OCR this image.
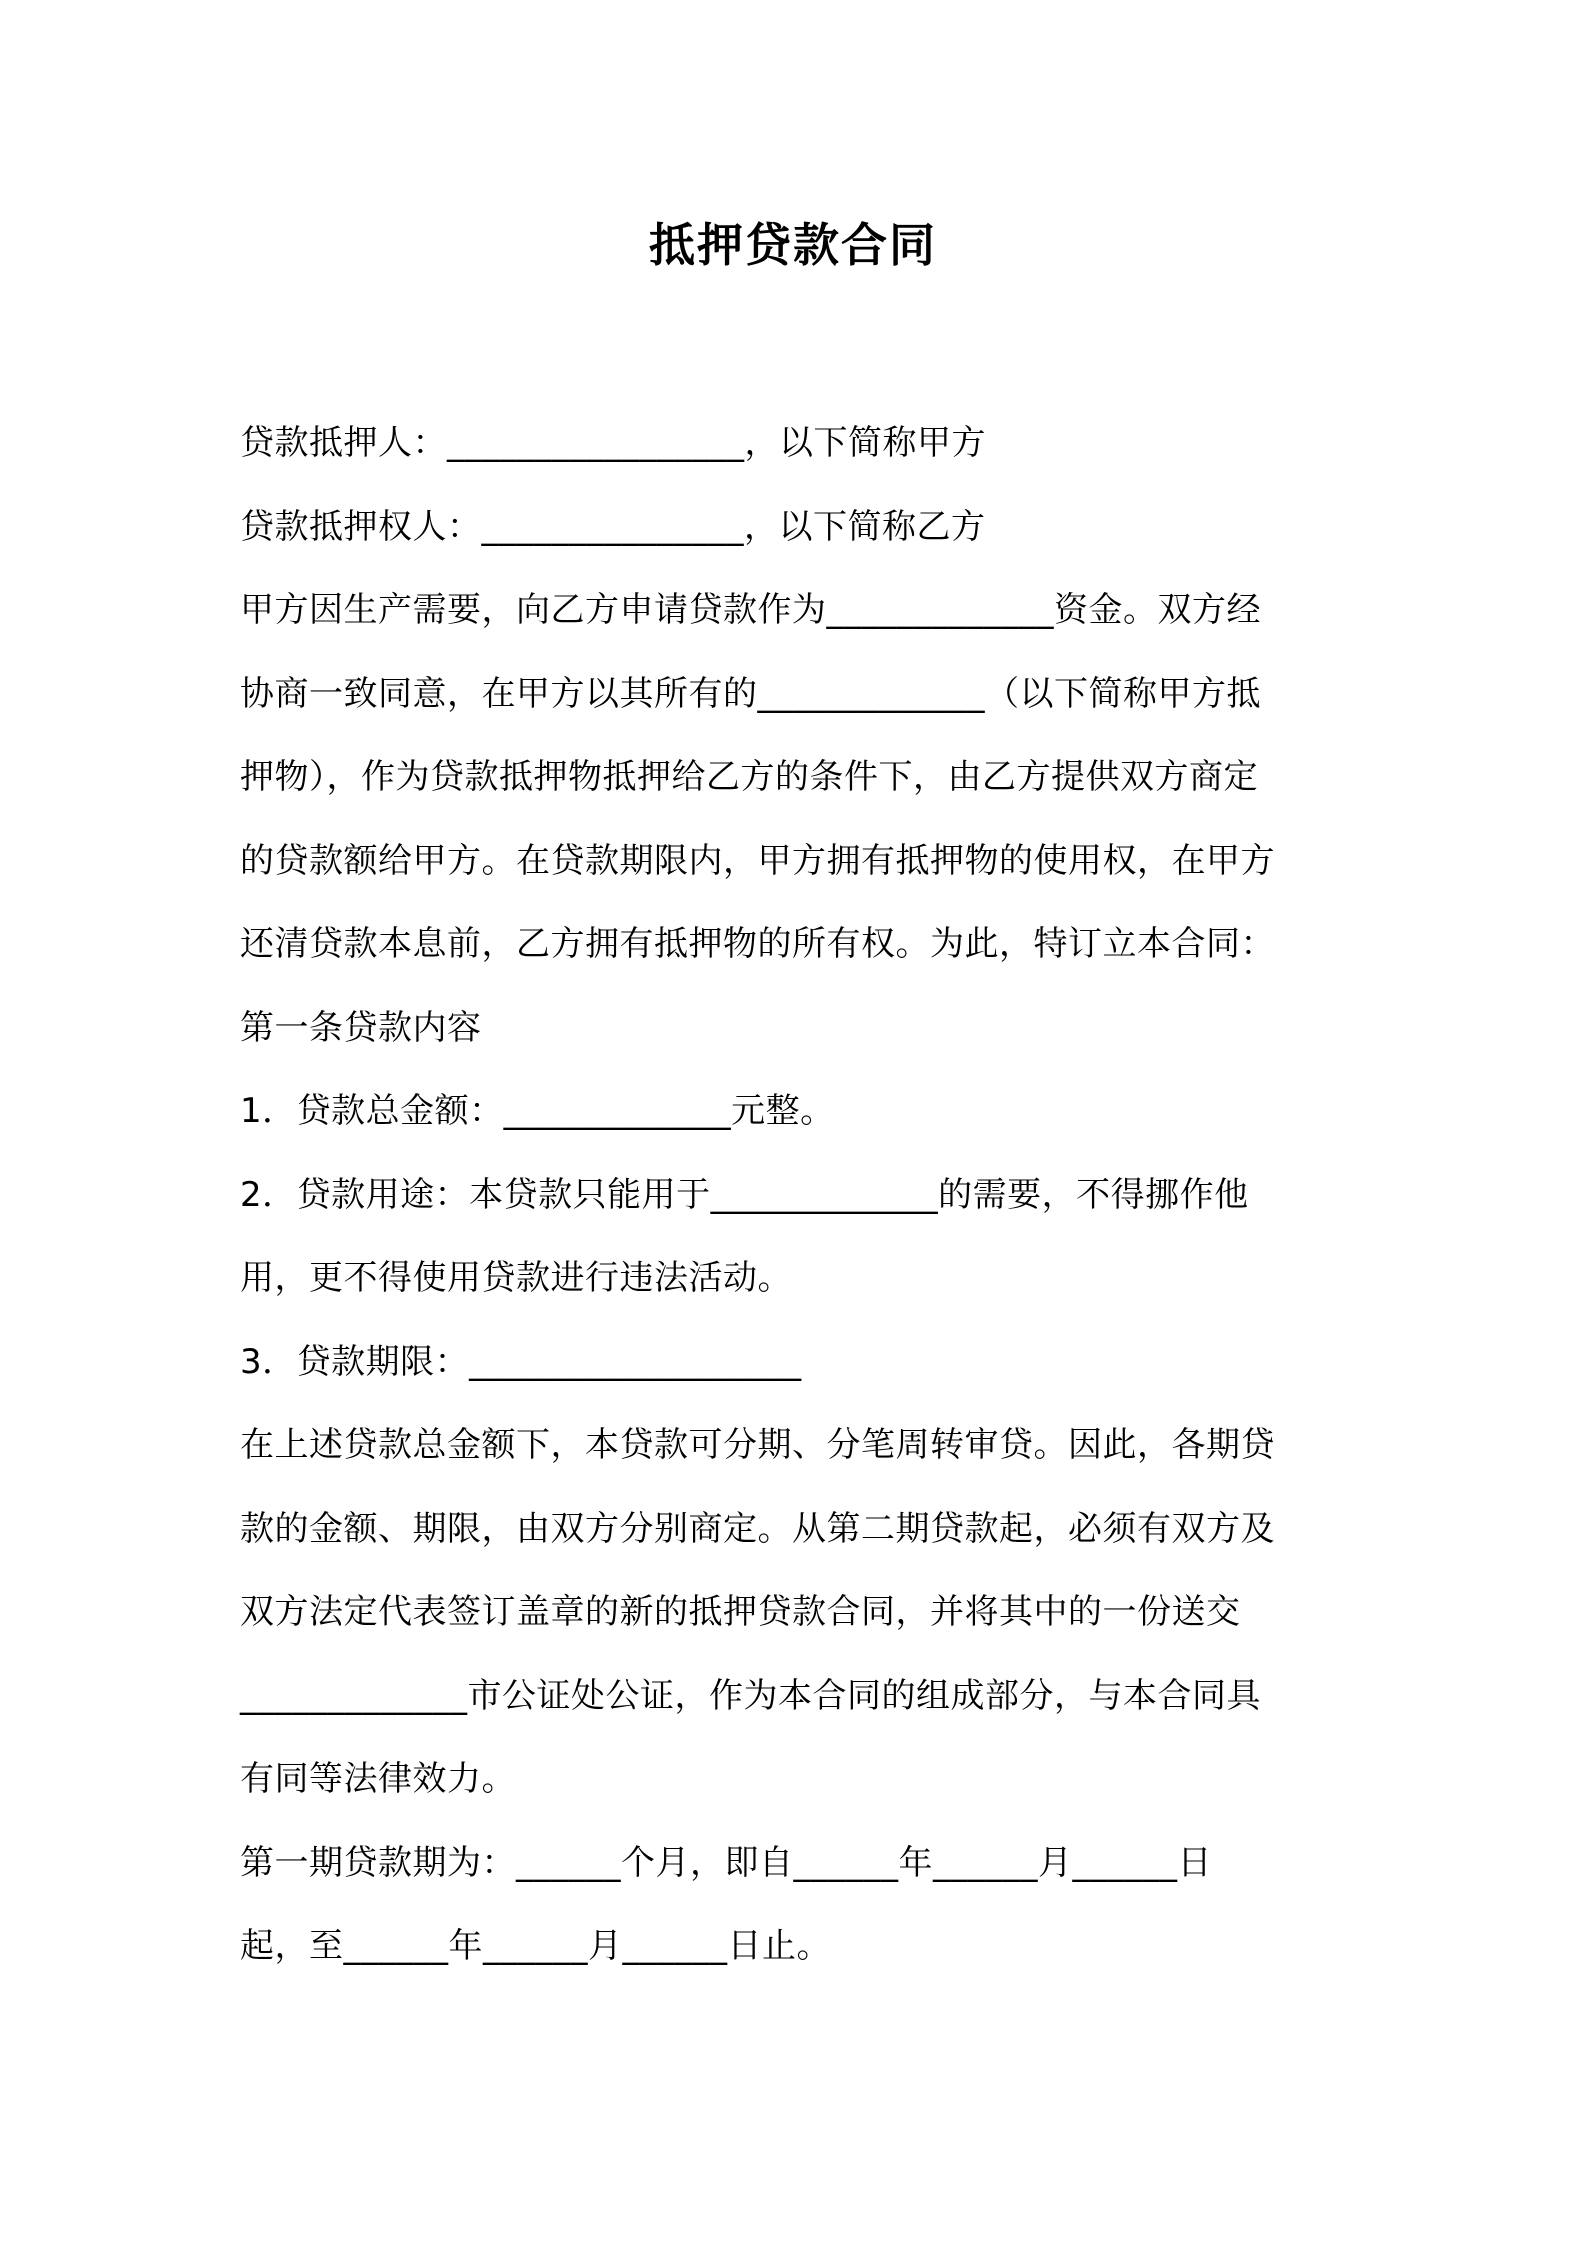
抵押贷款合同
贷款抵押人：_________________，以下简称甲方
贷款抵押权人：_______________，以下简称乙方
甲方因生产需要，向乙方申请贷款作为_____________资金。双方经
协商一致同意，在甲方以其所有的_____________（以下简称甲方抵
押物），作为贷款抵押物抵押给乙方的条件下，由乙方提供双方商定
的贷款额给甲方。在贷款期限内，甲方拥有抵押物的使用权，在甲方
还清贷款本息前，乙方拥有抵押物的所有权。为此，特订立本合同：
第一条贷款内容
1．贷款总金额：_____________元整。
2．贷款用途：本贷款只能用于_____________的需要，不得挪作他
用，更不得使用贷款进行违法活动。
3．贷款期限：___________________
在上述贷款总金额下，本贷款可分期、分笔周转审贷。因此，各期贷
款的金额、期限，由双方分别商定。从第二期贷款起，必须有双方及
双方法定代表签订盖章的新的抵押贷款合同，并将其中的一份送交
_____________市公证处公证，作为本合同的组成部分，与本合同具
有同等法律效力。
第一期贷款期为：______个月，即自______年______月______日
起，至______年______月______日止。
